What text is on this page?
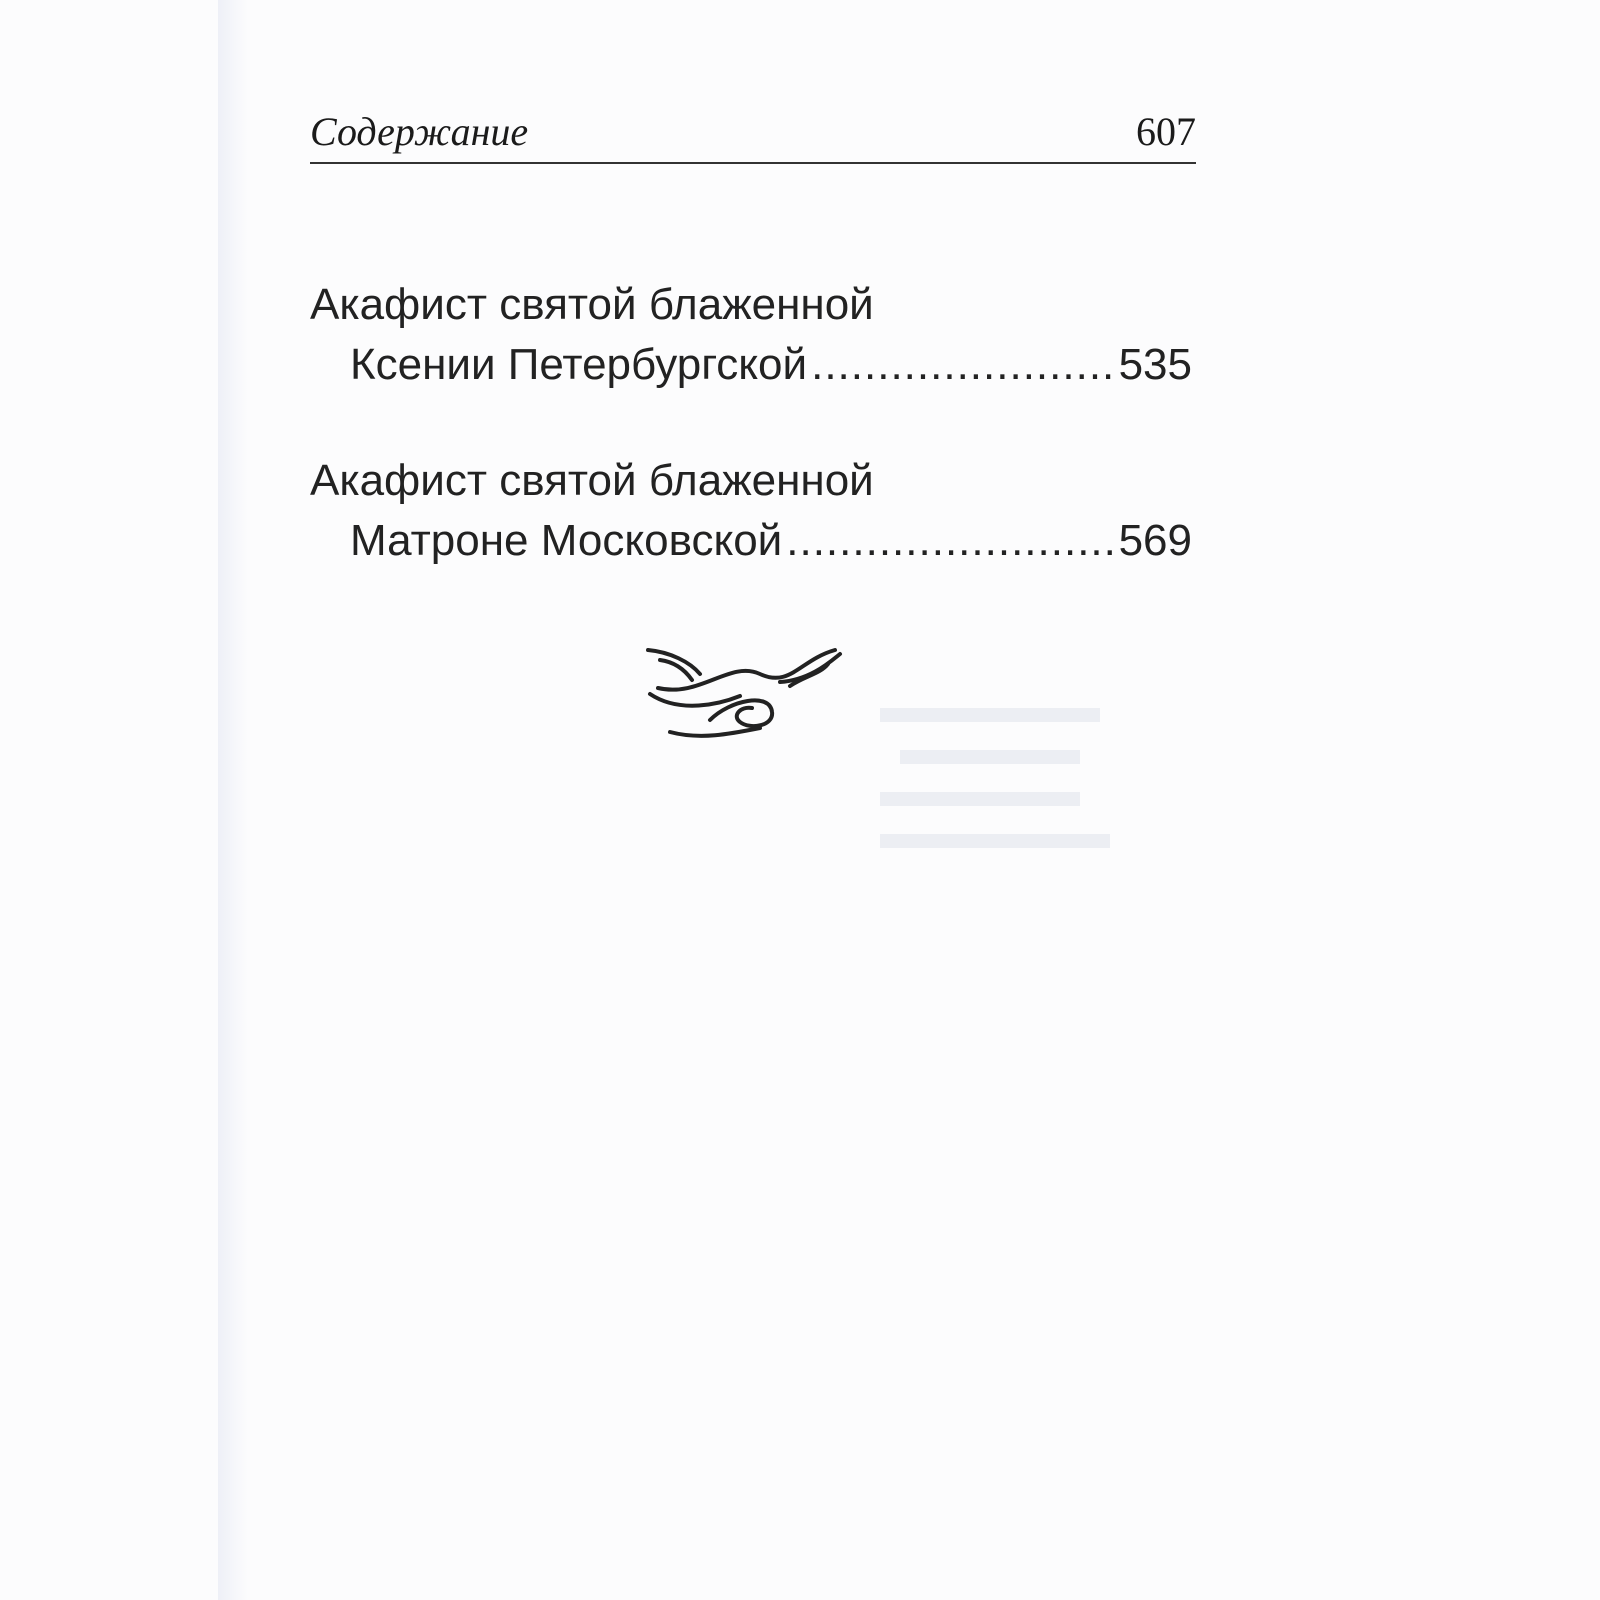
Содержание	607
Акафист святой блаженной
Ксении Петербургской .....	535
Акафист святой блаженной
Матроне Московской .....	569
